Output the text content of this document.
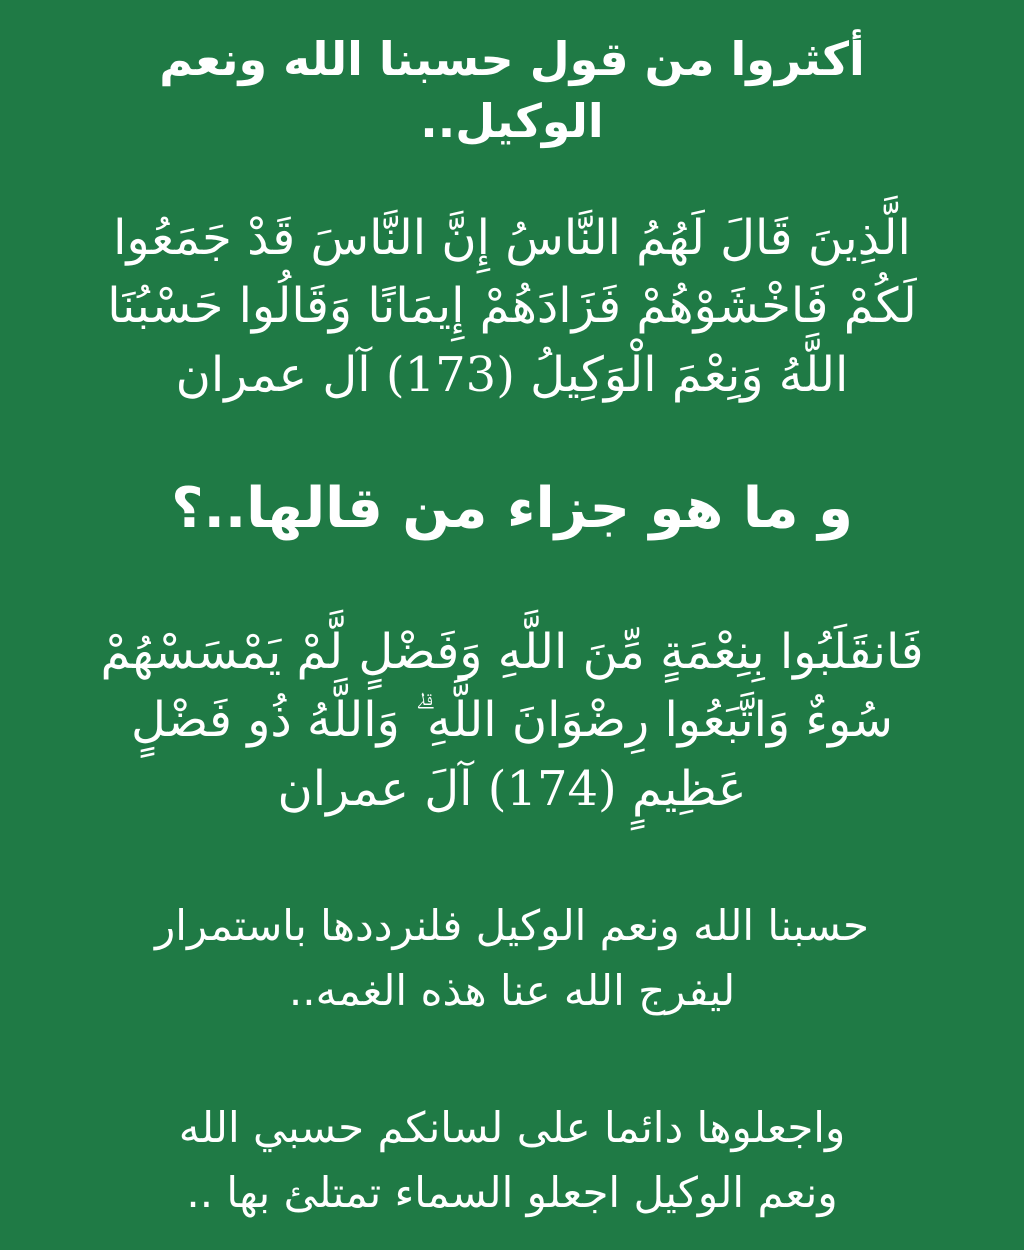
أكثروا من قول حسبنا الله ونعم الوكيل..

الَّذِينَ قَالَ لَهُمُ النَّاسُ إِنَّ النَّاسَ قَدْ جَمَعُوا
لَكُمْ فَاخْشَوْهُمْ فَزَادَهُمْ إِيمَانًا وَقَالُوا حَسْبُنَا
اللَّهُ وَنِعْمَ الْوَكِيلُ (173) آل عمران

و ما هو جزاء من قالها..؟

فَانقَلَبُوا بِنِعْمَةٍ مِّنَ اللَّهِ وَفَضْلٍ لَّمْ يَمْسَسْهُمْ
سُوءٌ وَاتَّبَعُوا رِضْوَانَ اللَّهِ ۗ وَاللَّهُ ذُو فَضْلٍ
عَظِيمٍ (174) آلَ عمران

حسبنا الله ونعم الوكيل فلنرددها باستمرار
ليفرج الله عنا هذه الغمه..

واجعلوها دائما على لسانكم حسبي الله
ونعم الوكيل اجعلو السماء تمتلئ بها ..
